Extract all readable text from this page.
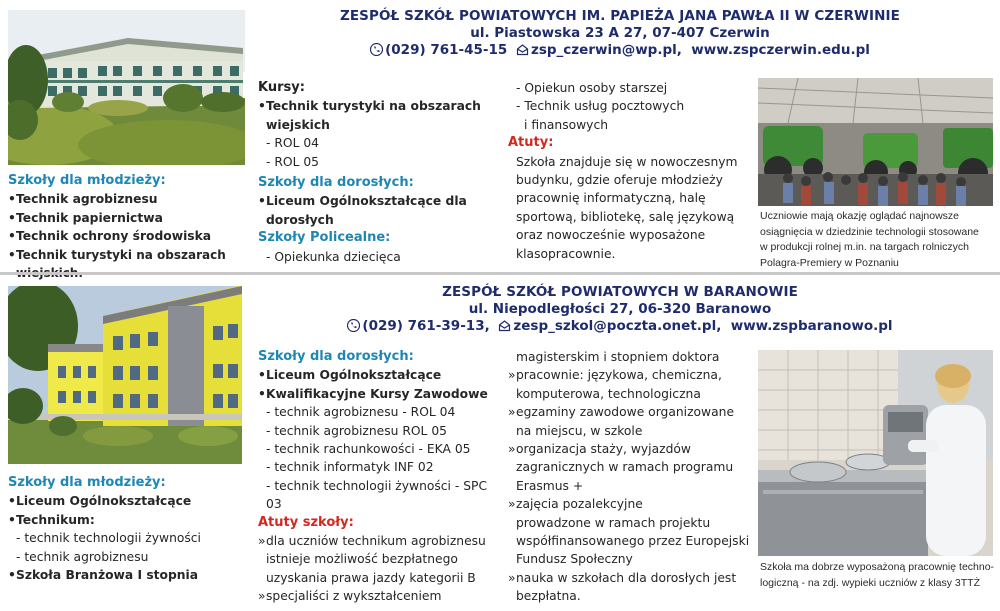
ZESPÓŁ SZKÓŁ POWIATOWYCH IM. PAPIEŻA JANA PAWŁA II W CZERWINIE
ul. Piastowska 23 A 27, 07-407 Czerwin
(029) 761-45-15 zsp_czerwin@wp.pl, www.zspczerwin.edu.pl
Szkoły dla młodzieży:
• Technik agrobiznesu
• Technik papiernictwa
• Technik ochrony środowiska
• Technik turystyki na obszarach
Kursy:
• Technik turystyki na obszarach
wiejskich
- ROL 04
- ROL 05
Szkoły dla dorosłych:
• Liceum Ogólnokształcące dla
dorosłych
Szkoły Policealne:
- Opiekunka dziecięca
- Opiekun osoby starszej
- Technik usług pocztowych
i finansowych
Atuty:
Szkoła znajduje się w nowoczesnym
budynku, gdzie oferuje młodzieży
pracownię informatyczną, halę
sportową, bibliotekę, salę językową
oraz nowocześnie wyposażone
klasopracownie.
Uczniowie mają okazję oglądać najnowsze
osiągnięcia w dziedzinie technologii stosowane
w produkcji rolnej m.in. na targach rolniczych
Polagra-Premiery w Poznaniu
ZESPÓŁ SZKÓŁ POWIATOWYCH W BARANOWIE
ul. Niepodległości 27, 06-320 Baranowo
(029) 761-39-13, zesp_szkol@poczta.onet.pl, www.zspbaranowo.pl
Szkoły dla młodzieży:
• Liceum Ogólnokształcące
• Technikum:
- technik technologii żywności
- technik agrobiznesu
• Szkoła Branżowa I stopnia
Szkoły dla dorosłych:
• Liceum Ogólnokształcące
• Kwalifikacyjne Kursy Zawodowe
- technik agrobiznesu - ROL 04
- technik agrobiznesu ROL 05
- technik rachunkowości - EKA 05
- technik informatyk INF 02
- technik technologii żywności - SPC 03
Atuty szkoły:
» dla uczniów technikum agrobiznesu
istnieje możliwość bezpłatnego
uzyskania prawa jazdy kategorii B
» specjaliści z wykształceniem
magisterskim i stopniem doktora
» pracownie: językowa, chemiczna,
komputerowa, technologiczna
» egzaminy zawodowe organizowane
na miejscu, w szkole
» organizacja staży, wyjazdów
zagranicznych w ramach programu
Erasmus +
» zajęcia pozalekcyjne
prowadzone w ramach projektu
współfinansowanego przez Europejski
Fundusz Społeczny
» nauka w szkołach dla dorosłych jest
bezpłatna.
Szkoła ma dobrze wyposażoną pracownię techno-
logiczną - na zdj. wypieki uczniów z klasy 3TTŻ
